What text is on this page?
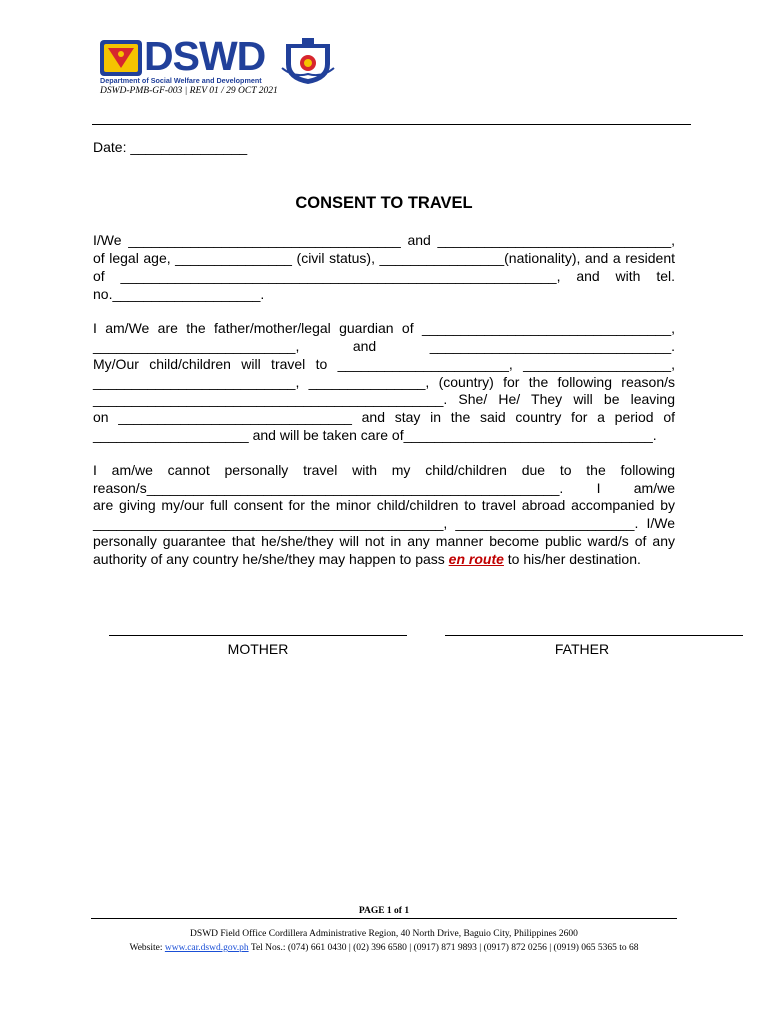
DSWD
Department of Social Welfare and Development
DSWD-PMB-GF-003 | REV 01 / 29 OCT 2021
Date: _______________
CONSENT TO TRAVEL
I/We ___________________________________ and ______________________________,
of legal age, _______________ (civil status), ________________(nationality), and a resident
of ________________________________________________________, and with tel.
no.___________________.
I am/We are the father/mother/legal guardian of ________________________________,
__________________________, and _______________________________.
My/Our child/children will travel to ______________________, ___________________,
__________________________, _______________, (country) for the following reason/s
_____________________________________________. She/ He/ They will be leaving
on ______________________________ and stay in the said country for a period of
____________________ and will be taken care of________________________________.
I am/we cannot personally travel with my child/children due to the following
reason/s_____________________________________________________. I am/we
are giving my/our full consent for the minor child/children to travel abroad accompanied by
_____________________________________________, _______________________. I/We
personally guarantee that he/she/they will not in any manner become public ward/s of any
authority of any country he/she/they may happen to pass en route to his/her destination.
MOTHER	FATHER
PAGE 1 of 1
DSWD Field Office Cordillera Administrative Region, 40 North Drive, Baguio City, Philippines 2600
Website: www.car.dswd.gov.ph Tel Nos.: (074) 661 0430 | (02) 396 6580 | (0917) 871 9893 | (0917) 872 0256 | (0919) 065 5365 to 68
